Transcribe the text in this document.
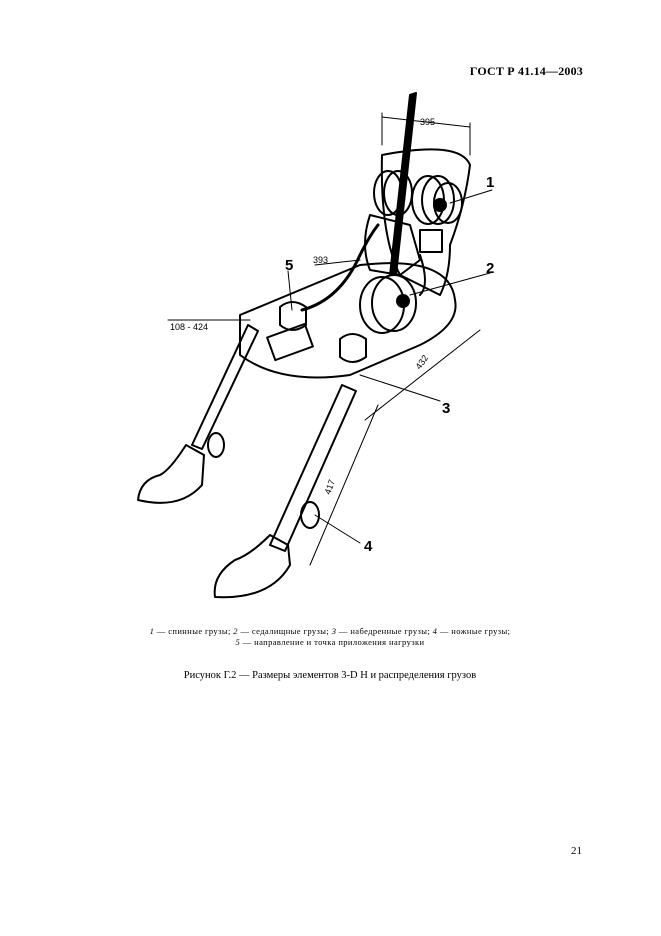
ГОСТ Р 41.14—2003
395
393
108 - 424
432
417
1
2
3
4
5
1 — спинные грузы; 2 — седалищные грузы; 3 — набедренные грузы; 4 — ножные грузы;
5 — направление и точка приложения нагрузки
Рисунок Г.2 — Размеры элементов 3-D H и распределения грузов
21
